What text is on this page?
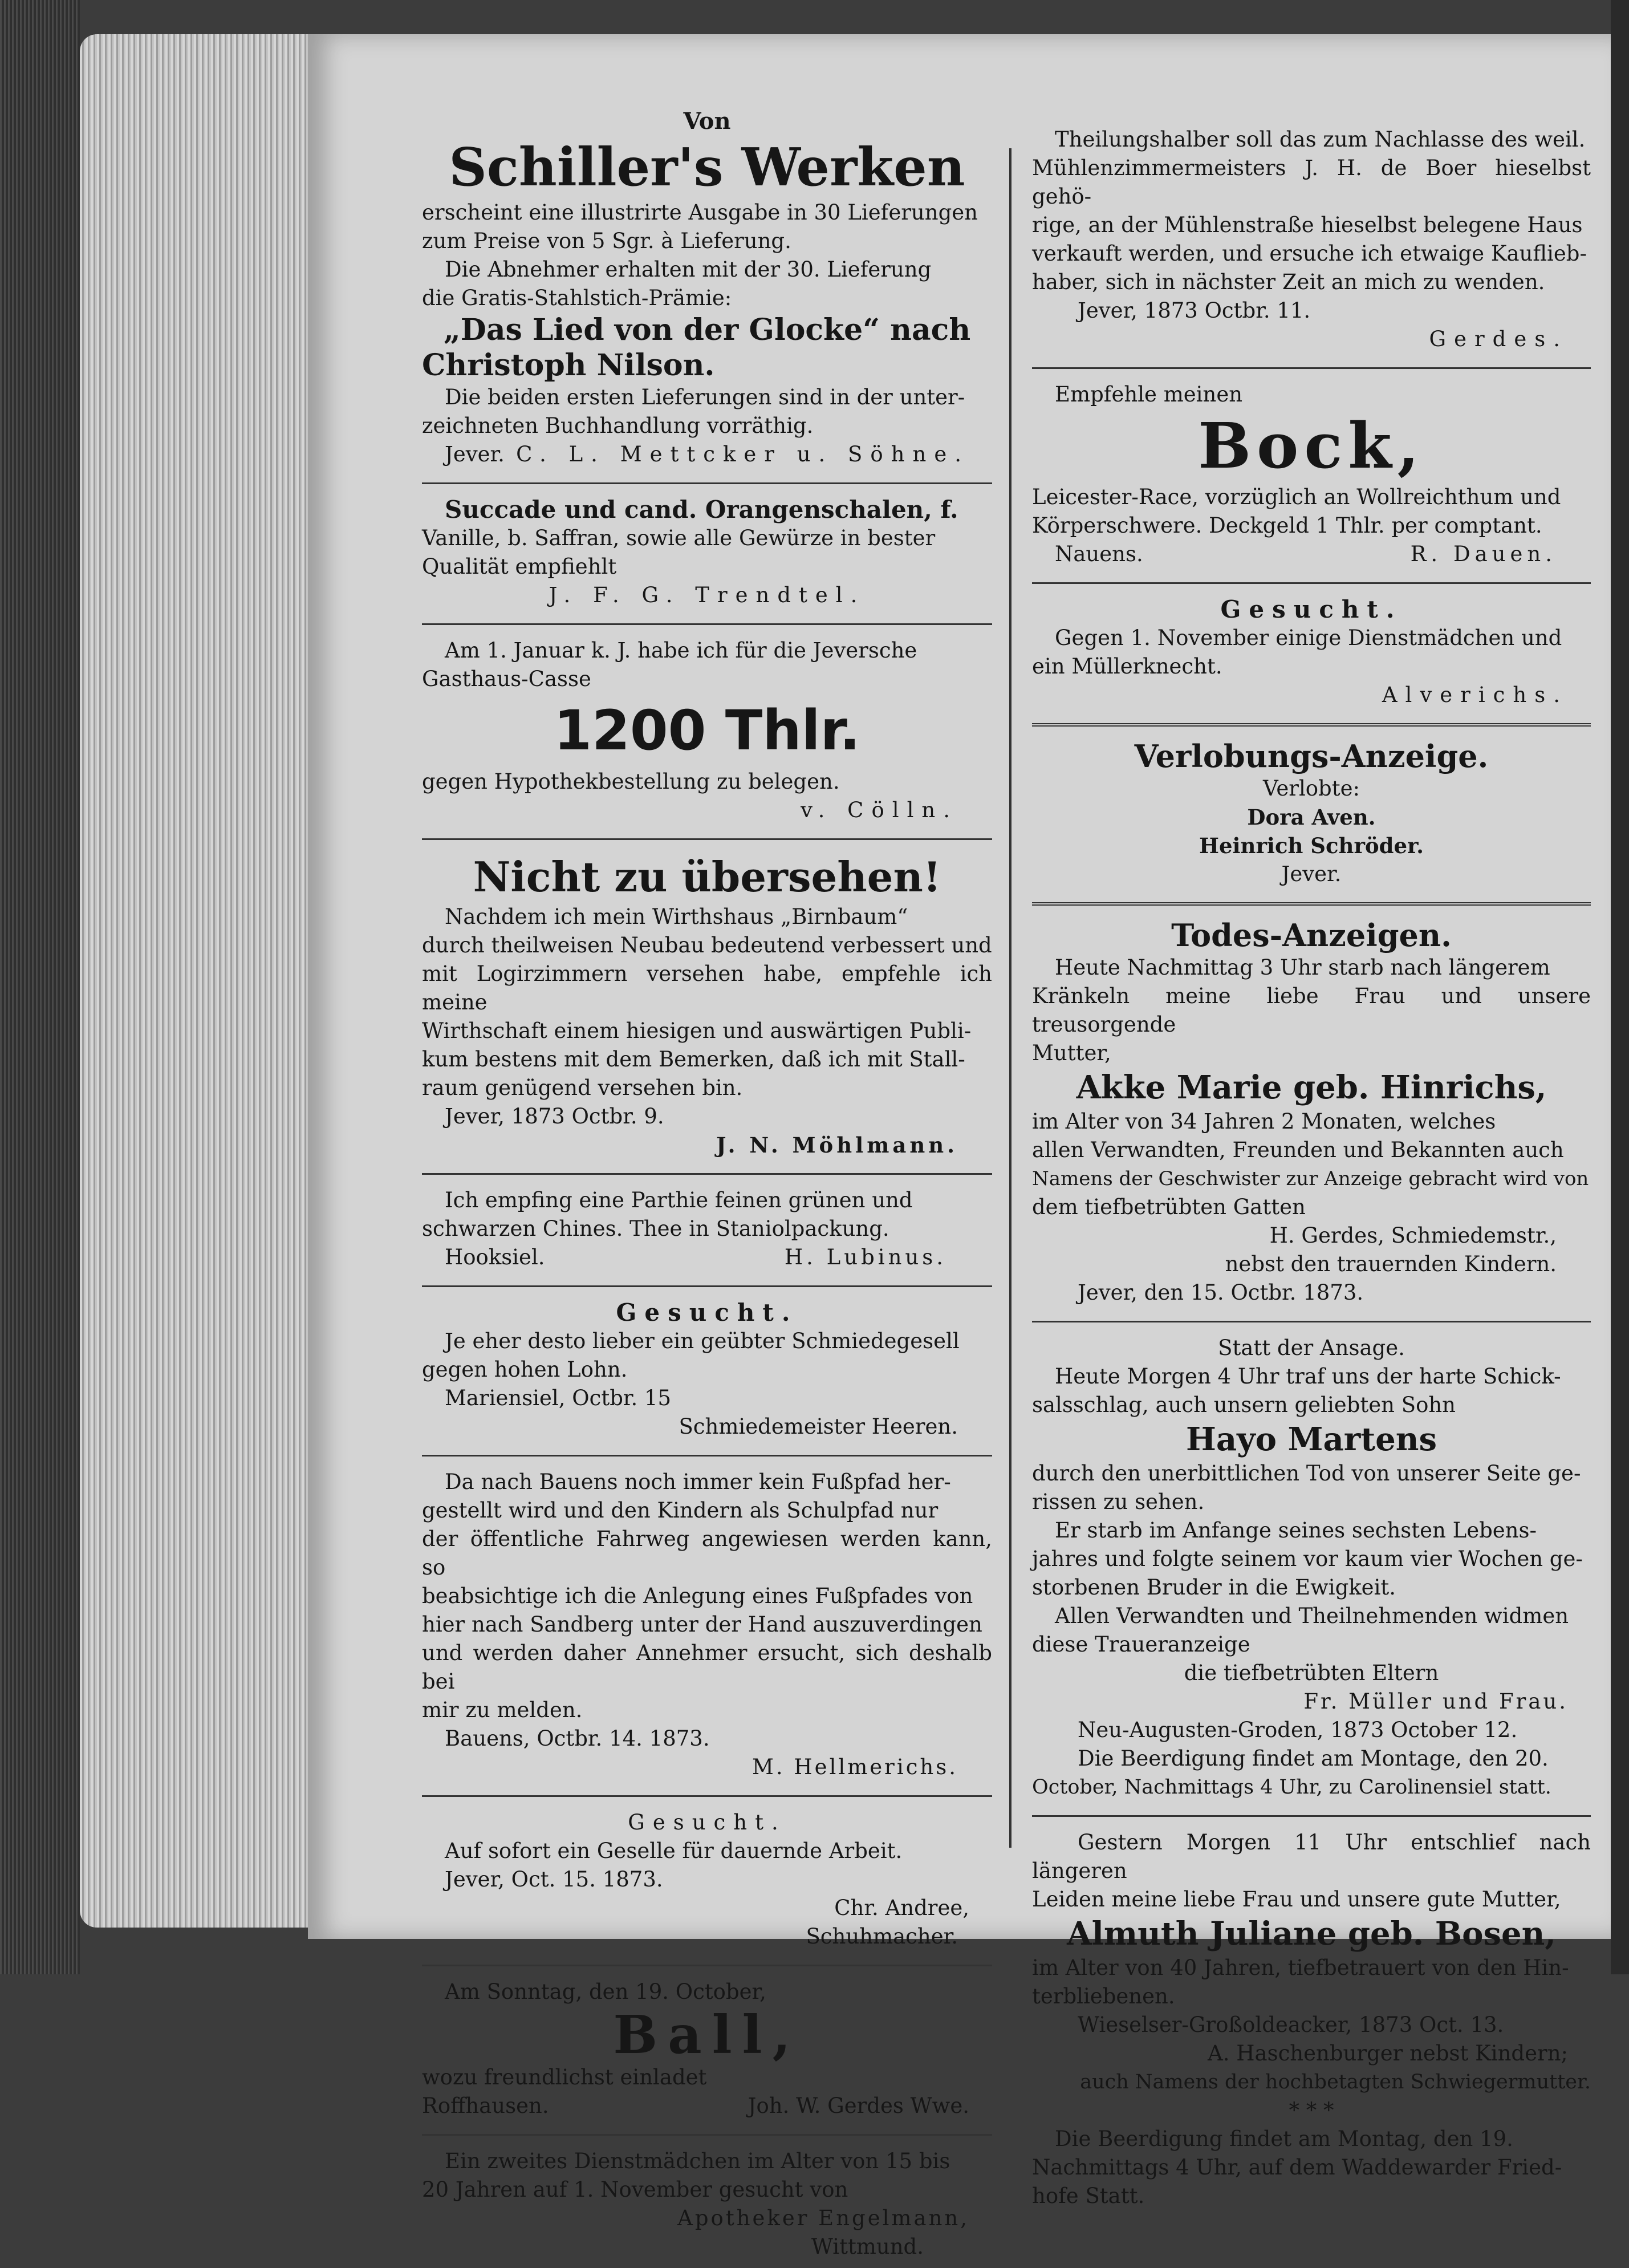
Von

Schiller's Werken

erscheint eine illustrirte Ausgabe in 30 Lieferungen

zum Preise von 5 Sgr. à Lieferung.

Die Abnehmer erhalten mit der 30. Lieferung

die Gratis-Stahlstich-Prämie:

„Das Lied von der Glocke“ nach

Christoph Nilson.

Die beiden ersten Lieferungen sind in der unter-

zeichneten Buchhandlung vorräthig.

Jever. C. L. Mettcker u. Söhne.

Succade und cand. Orangenschalen, f.

Vanille, b. Saffran, sowie alle Gewürze in bester

Qualität empfiehlt

J. F. G. Trendtel.

Am 1. Januar k. J. habe ich für die Jeversche

Gasthaus-Casse

1200 Thlr.

gegen Hypothekbestellung zu belegen.

v. Cölln.

Nicht zu übersehen!

Nachdem ich mein Wirthshaus „Birnbaum“

durch theilweisen Neubau bedeutend verbessert und

mit Logirzimmern versehen habe, empfehle ich meine

Wirthschaft einem hiesigen und auswärtigen Publi-

kum bestens mit dem Bemerken, daß ich mit Stall-

raum genügend versehen bin.

Jever, 1873 Octbr. 9.

J. N. Möhlmann.

Ich empfing eine Parthie feinen grünen und

schwarzen Chines. Thee in Staniolpackung.

Hooksiel.	H. Lubinus.

Gesucht.

Je eher desto lieber ein geübter Schmiedegesell

gegen hohen Lohn.

Mariensiel, Octbr. 15

Schmiedemeister Heeren.

Da nach Bauens noch immer kein Fußpfad her-

gestellt wird und den Kindern als Schulpfad nur

der öffentliche Fahrweg angewiesen werden kann, so

beabsichtige ich die Anlegung eines Fußpfades von

hier nach Sandberg unter der Hand auszuverdingen

und werden daher Annehmer ersucht, sich deshalb bei

mir zu melden.

Bauens, Octbr. 14. 1873.

M. Hellmerichs.

Gesucht.

Auf sofort ein Geselle für dauernde Arbeit.

Jever, Oct. 15. 1873.

Chr. Andree,

Schuhmacher.

Am Sonntag, den 19. October,

Ball,

wozu freundlichst einladet

Roffhausen.	Joh. W. Gerdes Wwe.

Ein zweites Dienstmädchen im Alter von 15 bis

20 Jahren auf 1. November gesucht von

Apotheker Engelmann,

Wittmund.

Theilungshalber soll das zum Nachlasse des weil.

Mühlenzimmermeisters J. H. de Boer hieselbst gehö-

rige, an der Mühlenstraße hieselbst belegene Haus

verkauft werden, und ersuche ich etwaige Kauflieb-

haber, sich in nächster Zeit an mich zu wenden.

Jever, 1873 Octbr. 11.

Gerdes.

Empfehle meinen

Bock,

Leicester-Race, vorzüglich an Wollreichthum und

Körperschwere. Deckgeld 1 Thlr. per comptant.

Nauens.	R. Dauen.

Gesucht.

Gegen 1. November einige Dienstmädchen und

ein Müllerknecht.

Alverichs.

Verlobungs-Anzeige.

Verlobte:

Dora Aven.

Heinrich Schröder.

Jever.

Todes-Anzeigen.

Heute Nachmittag 3 Uhr starb nach längerem

Kränkeln meine liebe Frau und unsere treusorgende

Mutter,

Akke Marie geb. Hinrichs,

im Alter von 34 Jahren 2 Monaten, welches

allen Verwandten, Freunden und Bekannten auch

Namens der Geschwister zur Anzeige gebracht wird von

dem tiefbetrübten Gatten

H. Gerdes, Schmiedemstr.,

nebst den trauernden Kindern.

Jever, den 15. Octbr. 1873.

Statt der Ansage.

Heute Morgen 4 Uhr traf uns der harte Schick-

salsschlag, auch unsern geliebten Sohn

Hayo Martens

durch den unerbittlichen Tod von unserer Seite ge-

rissen zu sehen.

Er starb im Anfange seines sechsten Lebens-

jahres und folgte seinem vor kaum vier Wochen ge-

storbenen Bruder in die Ewigkeit.

Allen Verwandten und Theilnehmenden widmen

diese Traueranzeige

die tiefbetrübten Eltern

Fr. Müller und Frau.

Neu-Augusten-Groden, 1873 October 12.

Die Beerdigung findet am Montage, den 20.

October, Nachmittags 4 Uhr, zu Carolinensiel statt.

Gestern Morgen 11 Uhr entschlief nach längeren

Leiden meine liebe Frau und unsere gute Mutter,

Almuth Juliane geb. Bosen,

im Alter von 40 Jahren, tiefbetrauert von den Hin-

terbliebenen.

Wieselser-Großoldeacker, 1873 Oct. 13.

A. Haschenburger nebst Kindern;

auch Namens der hochbetagten Schwiegermutter.

* * *

Die Beerdigung findet am Montag, den 19.

Nachmittags 4 Uhr, auf dem Waddewarder Fried-

hofe Statt.
